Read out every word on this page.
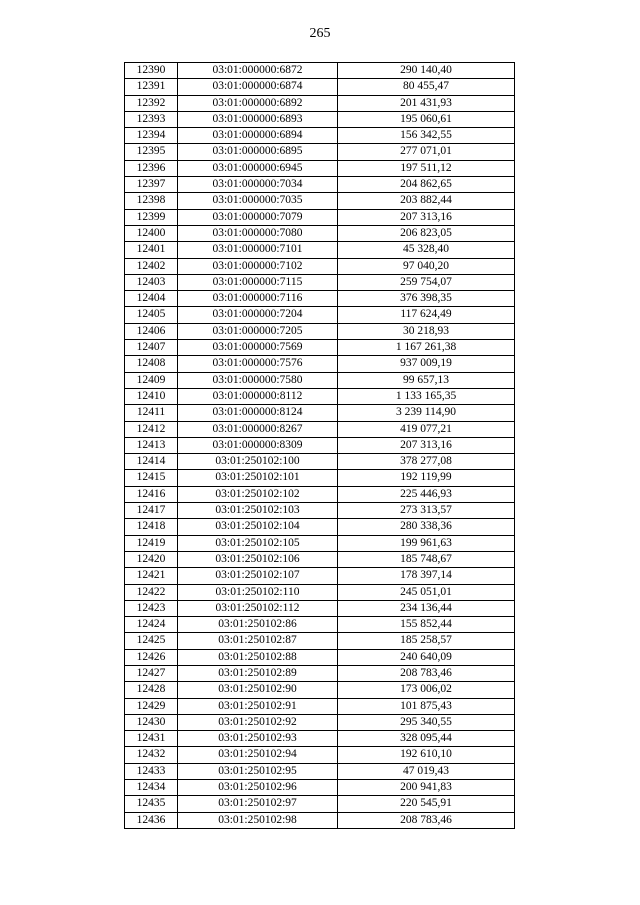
265
12390	03:01:000000:6872	290 140,40
12391	03:01:000000:6874	80 455,47
12392	03:01:000000:6892	201 431,93
12393	03:01:000000:6893	195 060,61
12394	03:01:000000:6894	156 342,55
12395	03:01:000000:6895	277 071,01
12396	03:01:000000:6945	197 511,12
12397	03:01:000000:7034	204 862,65
12398	03:01:000000:7035	203 882,44
12399	03:01:000000:7079	207 313,16
12400	03:01:000000:7080	206 823,05
12401	03:01:000000:7101	45 328,40
12402	03:01:000000:7102	97 040,20
12403	03:01:000000:7115	259 754,07
12404	03:01:000000:7116	376 398,35
12405	03:01:000000:7204	117 624,49
12406	03:01:000000:7205	30 218,93
12407	03:01:000000:7569	1 167 261,38
12408	03:01:000000:7576	937 009,19
12409	03:01:000000:7580	99 657,13
12410	03:01:000000:8112	1 133 165,35
12411	03:01:000000:8124	3 239 114,90
12412	03:01:000000:8267	419 077,21
12413	03:01:000000:8309	207 313,16
12414	03:01:250102:100	378 277,08
12415	03:01:250102:101	192 119,99
12416	03:01:250102:102	225 446,93
12417	03:01:250102:103	273 313,57
12418	03:01:250102:104	280 338,36
12419	03:01:250102:105	199 961,63
12420	03:01:250102:106	185 748,67
12421	03:01:250102:107	178 397,14
12422	03:01:250102:110	245 051,01
12423	03:01:250102:112	234 136,44
12424	03:01:250102:86	155 852,44
12425	03:01:250102:87	185 258,57
12426	03:01:250102:88	240 640,09
12427	03:01:250102:89	208 783,46
12428	03:01:250102:90	173 006,02
12429	03:01:250102:91	101 875,43
12430	03:01:250102:92	295 340,55
12431	03:01:250102:93	328 095,44
12432	03:01:250102:94	192 610,10
12433	03:01:250102:95	47 019,43
12434	03:01:250102:96	200 941,83
12435	03:01:250102:97	220 545,91
12436	03:01:250102:98	208 783,46
